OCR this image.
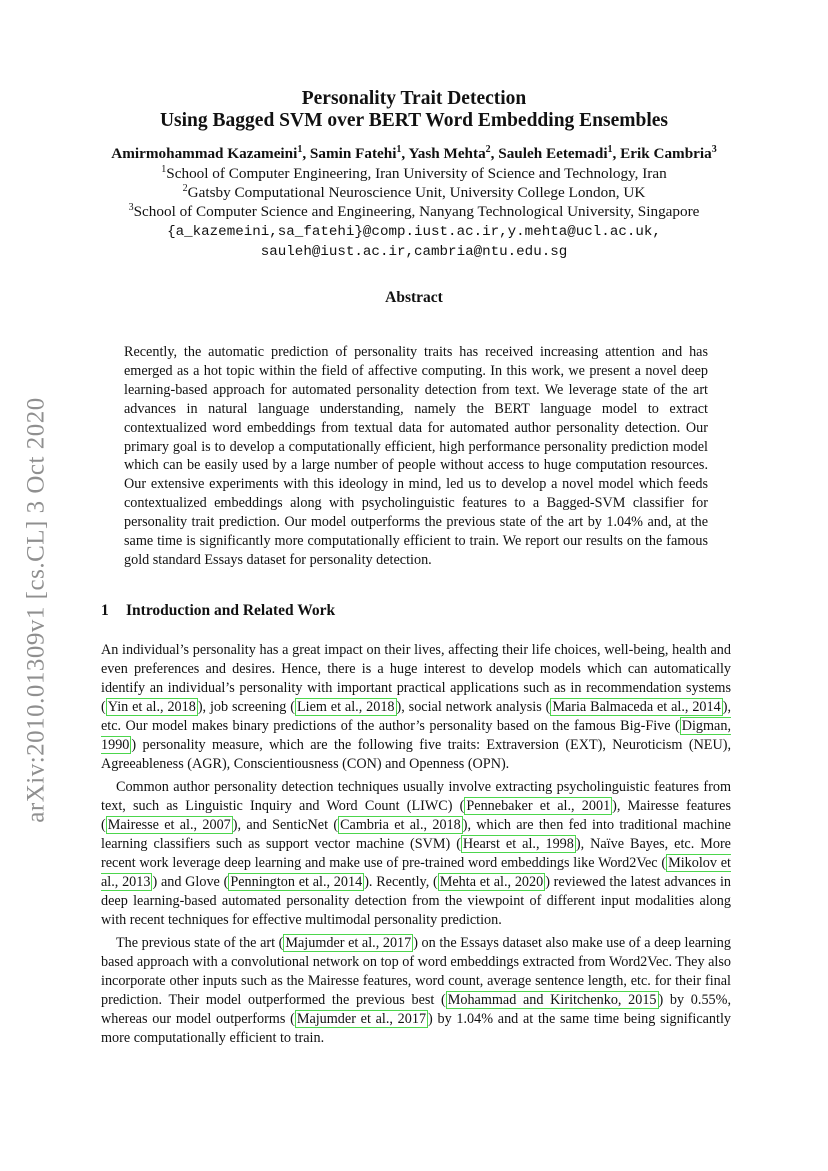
arXiv:2010.01309v1 [cs.CL] 3 Oct 2020
Personality Trait Detection
Using Bagged SVM over BERT Word Embedding Ensembles
Amirmohammad Kazameini$^1$, Samin Fatehi$^1$, Yash Mehta$^2$, Sauleh Eetemadi$^1$, Erik Cambria$^3$
$^1$School of Computer Engineering, Iran University of Science and Technology, Iran
$^2$Gatsby Computational Neuroscience Unit, University College London, UK
$^3$School of Computer Science and Engineering, Nanyang Technological University, Singapore
{a_kazemeini,sa_fatehi}@comp.iust.ac.ir,y.mehta@ucl.ac.uk,
sauleh@iust.ac.ir,cambria@ntu.edu.sg
Abstract

Recently, the automatic prediction of personality traits has received increasing attention and has emerged as a hot topic within the field of affective computing. In this work, we present a novel deep learning-based approach for automated personality detection from text. We leverage state of the art advances in natural language understanding, namely the BERT language model to extract contextualized word embeddings from textual data for automated author personality detection. Our primary goal is to develop a computationally efficient, high performance personality prediction model which can be easily used by a large number of people without access to huge computation resources. Our extensive experiments with this ideology in mind, led us to develop a novel model which feeds contextualized embeddings along with psycholinguistic features to a Bagged-SVM classifier for personality trait prediction. Our model outperforms the previous state of the art by 1.04% and, at the same time is significantly more computationally efficient to train. We report our results on the famous gold standard Essays dataset for personality detection.

1 Introduction and Related Work

An individual’s personality has a great impact on their lives, affecting their life choices, well-being, health and even preferences and desires. Hence, there is a huge interest to develop models which can automatically identify an individual’s personality with important practical applications such as in recommendation systems ( Yin et al., 2018 ), job screening ( Liem et al., 2018 ), social network analysis ( Maria Balmaceda et al., 2014 ), etc. Our model makes binary predictions of the author’s personality based on the famous Big-Five ( Digman, 1990 ) personality measure, which are the following five traits: Extraversion (EXT), Neuroticism (NEU), Agreeableness (AGR), Conscientiousness (CON) and Openness (OPN).

Common author personality detection techniques usually involve extracting psycholinguistic features from text, such as Linguistic Inquiry and Word Count (LIWC) ( Pennebaker et al., 2001 ), Mairesse features ( Mairesse et al., 2007 ), and SenticNet ( Cambria et al., 2018 ), which are then fed into traditional machine learning classifiers such as support vector machine (SVM) ( Hearst et al., 1998 ), Naïve Bayes, etc. More recent work leverage deep learning and make use of pre-trained word embeddings like Word2Vec ( Mikolov et al., 2013 ) and Glove ( Pennington et al., 2014 ). Recently, ( Mehta et al., 2020 ) reviewed the latest advances in deep learning-based automated personality detection from the viewpoint of different input modalities along with recent techniques for effective multimodal personality prediction.

The previous state of the art ( Majumder et al., 2017 ) on the Essays dataset also make use of a deep learning based approach with a convolutional network on top of word embeddings extracted from Word2Vec. They also incorporate other inputs such as the Mairesse features, word count, average sentence length, etc. for their final prediction. Their model outperformed the previous best ( Mohammad and Kiritchenko, 2015 ) by 0.55%, whereas our model outperforms ( Majumder et al., 2017 ) by 1.04% and at the same time being significantly more computationally efficient to train.
